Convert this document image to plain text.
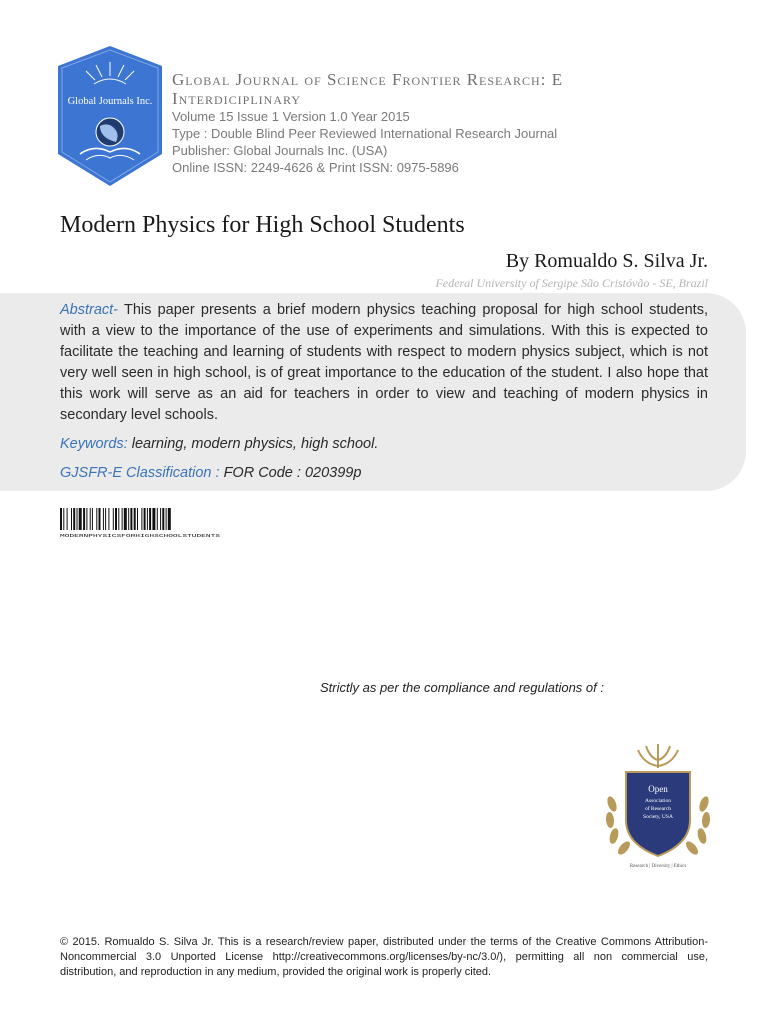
Global Journals Inc.

Global Journal of Science Frontier Research: E

Interdiciplinary

Volume 15 Issue 1 Version 1.0 Year 2015

Type : Double Blind Peer Reviewed International Research Journal

Publisher: Global Journals Inc. (USA)

Online ISSN: 2249-4626 & Print ISSN: 0975-5896

Modern Physics for High School Students

By Romualdo S. Silva Jr.

Federal University of Sergipe São Cristóvão - SE, Brazil

Abstract- This paper presents a brief modern physics teaching proposal for high school students, with a view to the importance of the use of experiments and simulations. With this is expected to facilitate the teaching and learning of students with respect to modern physics subject, which is not very well seen in high school, is of great importance to the education of the student. I also hope that this work will serve as an aid for teachers in order to view and teaching of modern physics in secondary level schools.

Keywords: learning, modern physics, high school.

GJSFR-E Classification : FOR Code : 020399p

MODERNPHYSICSFORHIGHSCHOOLSTUDENTS

Strictly as per the compliance and regulations of :

Open
Association
of Research
Society, USA
Research | Diversity | Ethics

© 2015. Romualdo S. Silva Jr. This is a research/review paper, distributed under the terms of the Creative Commons Attribution-Noncommercial 3.0 Unported License http://creativecommons.org/licenses/by-nc/3.0/), permitting all non commercial use, distribution, and reproduction in any medium, provided the original work is properly cited.
